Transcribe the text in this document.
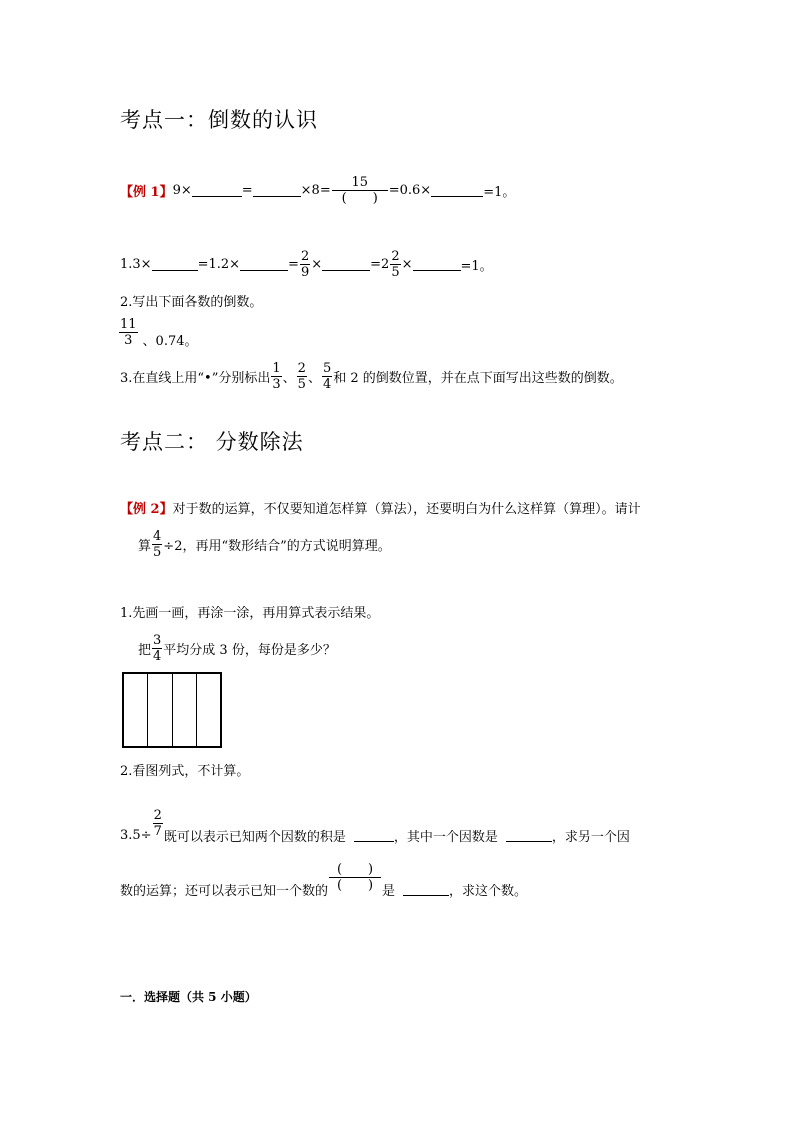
考点一：倒数的认识
【例 1】 9×	=	$\times 8= \frac{15}{( )} =0.6\times$	=1。
1.3×	=1.2×	= $\frac{2}{9}$ ×	$=2 \frac{2}{5}$ ×	=1。
2.写出下面各数的倒数。
$\frac{11}{3}$ 、0.74。
3.在直线上用“•”分别标出 $\frac{1}{3}$ 、 $\frac{2}{5}$ 、 $\frac{5}{4}$ 和 2 的倒数位置，并在点下面写出这些数的倒数。
考点二： 分数除法
【例 2】对于数的运算，不仅要知道怎样算（算法），还要明白为什么这样算（算理）。请计
算 $\frac{4}{5} \div 2$，再用“数形结合”的方式说明算理。
1.先画一画，再涂一涂，再用算式表示结果。
把 $\frac{3}{4}$ 平均分成 3 份，每份是多少？
2.看图列式，不计算。
$3.5\div \frac{2}{7}$ 既可以表示已知两个因数的积是	，其中一个因数是	，求另一个因
数的运算；还可以表示已知一个数的 $\frac{( )}{( )}$ 是	，求这个数。
一．选择题（共 5 小题）
